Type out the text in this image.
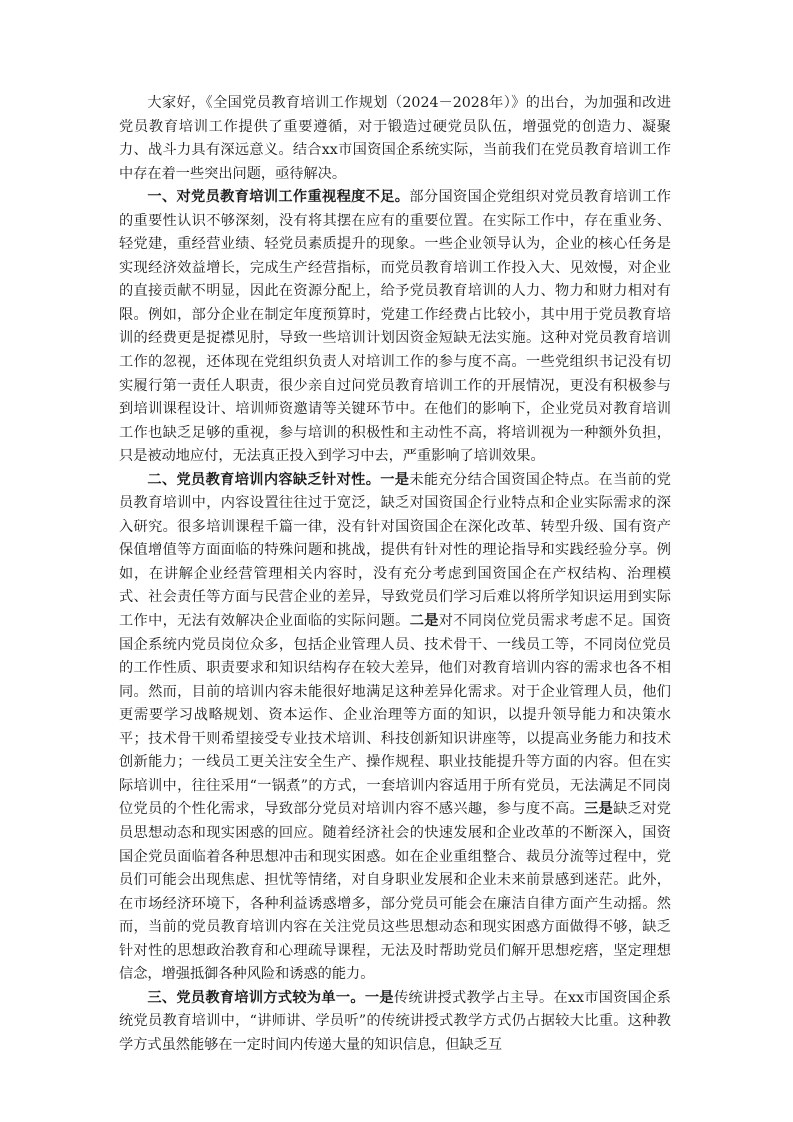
大家好，《全国党员教育培训工作规划（2024－2028年）》的出台，为加强和改进党员教育培训工作提供了重要遵循，对于锻造过硬党员队伍，增强党的创造力、凝聚力、战斗力具有深远意义。结合xx市国资国企系统实际，当前我们在党员教育培训工作中存在着一些突出问题，亟待解决。

一、对党员教育培训工作重视程度不足。部分国资国企党组织对党员教育培训工作的重要性认识不够深刻，没有将其摆在应有的重要位置。在实际工作中，存在重业务、轻党建，重经营业绩、轻党员素质提升的现象。一些企业领导认为，企业的核心任务是实现经济效益增长，完成生产经营指标，而党员教育培训工作投入大、见效慢，对企业的直接贡献不明显，因此在资源分配上，给予党员教育培训的人力、物力和财力相对有限。例如，部分企业在制定年度预算时，党建工作经费占比较小，其中用于党员教育培训的经费更是捉襟见肘，导致一些培训计划因资金短缺无法实施。这种对党员教育培训工作的忽视，还体现在党组织负责人对培训工作的参与度不高。一些党组织书记没有切实履行第一责任人职责，很少亲自过问党员教育培训工作的开展情况，更没有积极参与到培训课程设计、培训师资邀请等关键环节中。在他们的影响下，企业党员对教育培训工作也缺乏足够的重视，参与培训的积极性和主动性不高，将培训视为一种额外负担，只是被动地应付，无法真正投入到学习中去，严重影响了培训效果。

二、党员教育培训内容缺乏针对性。一是未能充分结合国资国企特点。在当前的党员教育培训中，内容设置往往过于宽泛，缺乏对国资国企行业特点和企业实际需求的深入研究。很多培训课程千篇一律，没有针对国资国企在深化改革、转型升级、国有资产保值增值等方面面临的特殊问题和挑战，提供有针对性的理论指导和实践经验分享。例如，在讲解企业经营管理相关内容时，没有充分考虑到国资国企在产权结构、治理模式、社会责任等方面与民营企业的差异，导致党员们学习后难以将所学知识运用到实际工作中，无法有效解决企业面临的实际问题。二是对不同岗位党员需求考虑不足。国资国企系统内党员岗位众多，包括企业管理人员、技术骨干、一线员工等，不同岗位党员的工作性质、职责要求和知识结构存在较大差异，他们对教育培训内容的需求也各不相同。然而，目前的培训内容未能很好地满足这种差异化需求。对于企业管理人员，他们更需要学习战略规划、资本运作、企业治理等方面的知识，以提升领导能力和决策水平；技术骨干则希望接受专业技术培训、科技创新知识讲座等，以提高业务能力和技术创新能力；一线员工更关注安全生产、操作规程、职业技能提升等方面的内容。但在实际培训中，往往采用“一锅煮”的方式，一套培训内容适用于所有党员，无法满足不同岗位党员的个性化需求，导致部分党员对培训内容不感兴趣，参与度不高。三是缺乏对党员思想动态和现实困惑的回应。随着经济社会的快速发展和企业改革的不断深入，国资国企党员面临着各种思想冲击和现实困惑。如在企业重组整合、裁员分流等过程中，党员们可能会出现焦虑、担忧等情绪，对自身职业发展和企业未来前景感到迷茫。此外，在市场经济环境下，各种利益诱惑增多，部分党员可能会在廉洁自律方面产生动摇。然而，当前的党员教育培训内容在关注党员这些思想动态和现实困惑方面做得不够，缺乏针对性的思想政治教育和心理疏导课程，无法及时帮助党员们解开思想疙瘩，坚定理想信念，增强抵御各种风险和诱惑的能力。

三、党员教育培训方式较为单一。一是传统讲授式教学占主导。在xx市国资国企系统党员教育培训中，“讲师讲、学员听”的传统讲授式教学方式仍占据较大比重。这种教学方式虽然能够在一定时间内传递大量的知识信息，但缺乏互
